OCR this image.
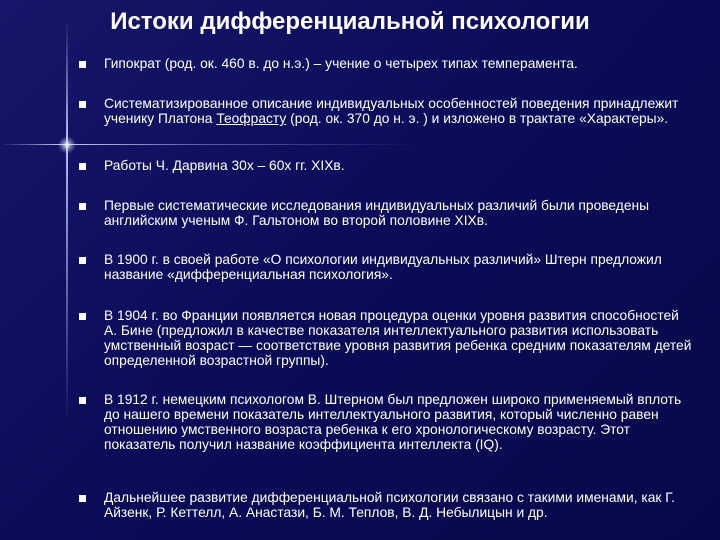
Истоки дифференциальной психологии
Гипократ (род. ок. 460 в. до н.э.) – учение о четырех типах темперамента.
Систематизированное описание индивидуальных особенностей поведения принадлежит ученику Платона Теофрасту (род. ок. 370 до н. э. ) и изложено в трактате «Характеры».
Работы Ч. Дарвина 30х – 60х гг. XIXв.
Первые систематические исследования индивидуальных различий были проведены английским ученым Ф. Гальтоном во второй половине XIXв.
В 1900 г. в своей работе «О психологии индивидуальных различий» Штерн предложил название «дифференциальная психология».
В 1904 г. во Франции появляется новая процедура оценки уровня развития способностей А. Бине (предложил в качестве показателя интеллектуального развития использовать умственный возраст — соответствие уровня развития ребенка средним показателям детей определенной возрастной группы).
В 1912 г. немецким психологом В. Штерном был предложен широко применяемый вплоть до нашего времени показатель интеллектуального развития, который численно равен отношению умственного возраста ребенка к его хронологическому возрасту. Этот показатель получил название коэффициента интеллекта (IQ).
Дальнейшее развитие дифференциальной психологии связано с такими именами, как Г. Айзенк, Р. Кеттелл, А. Анастази, Б. М. Теплов, В. Д. Небылицын и др.
